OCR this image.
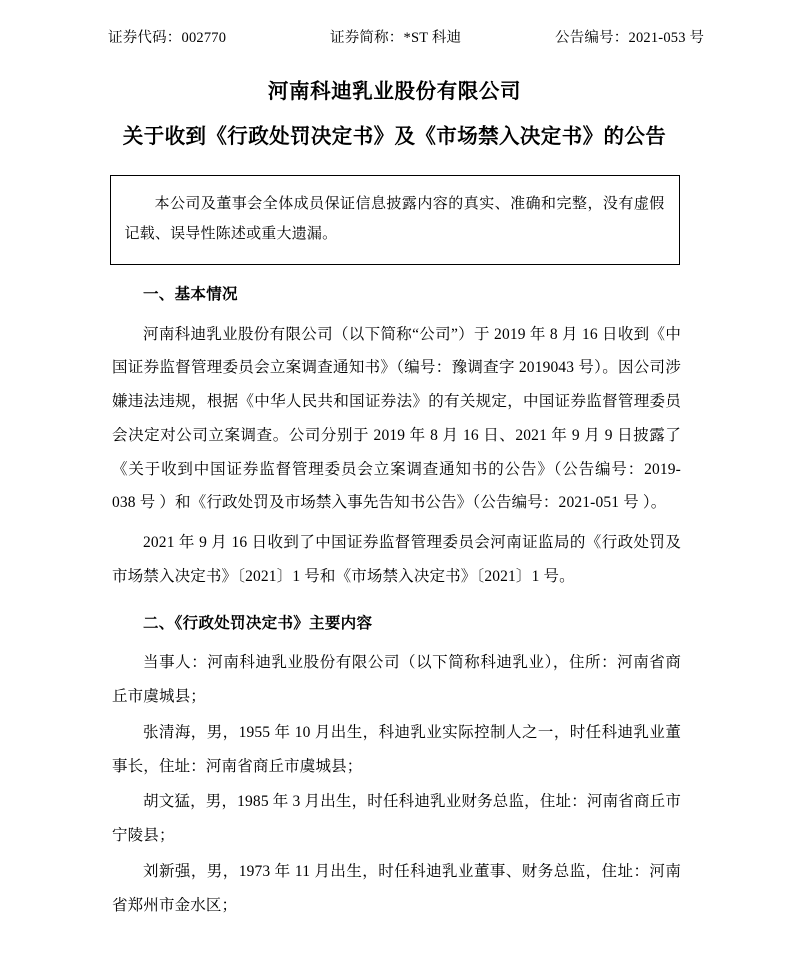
证券代码：002770	证券简称：*ST 科迪	公告编号：2021-053 号
河南科迪乳业股份有限公司
关于收到《行政处罚决定书》及《市场禁入决定书》的公告
本公司及董事会全体成员保证信息披露内容的真实、准确和完整，没有虚假记载、误导性陈述或重大遗漏。
一、基本情况
河南科迪乳业股份有限公司（以下简称“公司”）于 2019 年 8 月 16 日收到《中国证券监督管理委员会立案调查通知书》（编号：豫调查字 2019043 号）。因公司涉嫌违法违规，根据《中华人民共和国证券法》的有关规定，中国证券监督管理委员会决定对公司立案调查。公司分别于 2019 年 8 月 16 日、2021 年 9 月 9 日披露了《关于收到中国证券监督管理委员会立案调查通知书的公告》（公告编号：2019-038 号 ）和《行政处罚及市场禁入事先告知书公告》（公告编号：2021-051 号 ）。
2021 年 9 月 16 日收到了中国证券监督管理委员会河南证监局的《行政处罚及市场禁入决定书》〔2021〕1 号和《市场禁入决定书》〔2021〕1 号。
二、《行政处罚决定书》主要内容
当事人：河南科迪乳业股份有限公司（以下简称科迪乳业），住所：河南省商丘市虞城县；
张清海，男，1955 年 10 月出生，科迪乳业实际控制人之一，时任科迪乳业董事长，住址：河南省商丘市虞城县；
胡文猛，男，1985 年 3 月出生，时任科迪乳业财务总监，住址：河南省商丘市宁陵县；
刘新强，男，1973 年 11 月出生，时任科迪乳业董事、财务总监，住址：河南省郑州市金水区；
